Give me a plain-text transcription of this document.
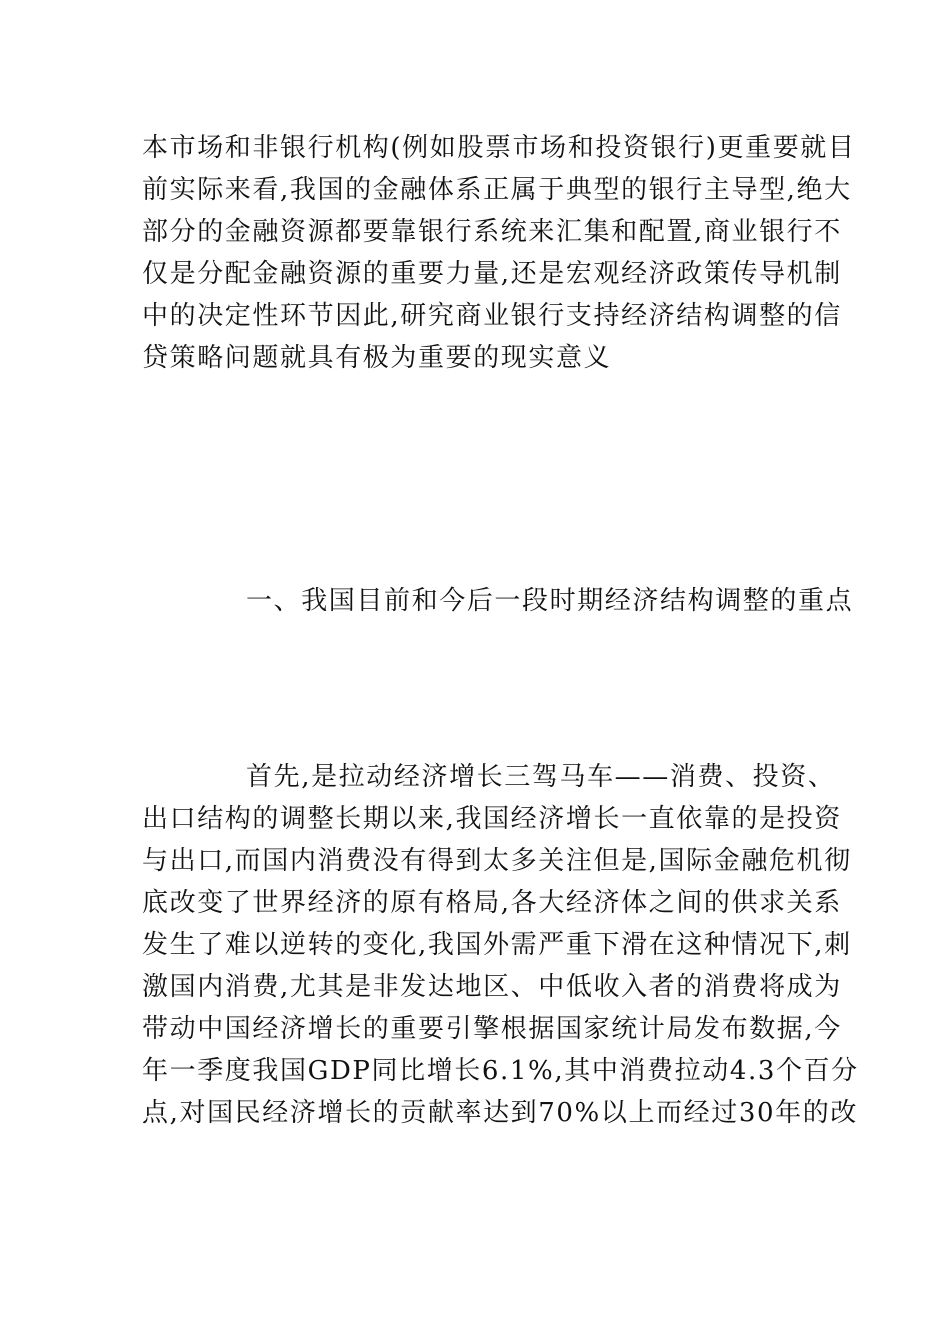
本市场和非银行机构(例如股票市场和投资银行)更重要就目
前实际来看,我国的金融体系正属于典型的银行主导型,绝大
部分的金融资源都要靠银行系统来汇集和配置,商业银行不
仅是分配金融资源的重要力量,还是宏观经济政策传导机制
中的决定性环节因此,研究商业银行支持经济结构调整的信
贷策略问题就具有极为重要的现实意义
一、我国目前和今后一段时期经济结构调整的重点
首先,是拉动经济增长三驾马车——消费、投资、
出口结构的调整长期以来,我国经济增长一直依靠的是投资
与出口,而国内消费没有得到太多关注但是,国际金融危机彻
底改变了世界经济的原有格局,各大经济体之间的供求关系
发生了难以逆转的变化,我国外需严重下滑在这种情况下,刺
激国内消费,尤其是非发达地区、中低收入者的消费将成为
带动中国经济增长的重要引擎根据国家统计局发布数据,今
年一季度我国GDP同比增长6.1%,其中消费拉动4.3个百分
点,对国民经济增长的贡献率达到70%以上而经过30年的改
